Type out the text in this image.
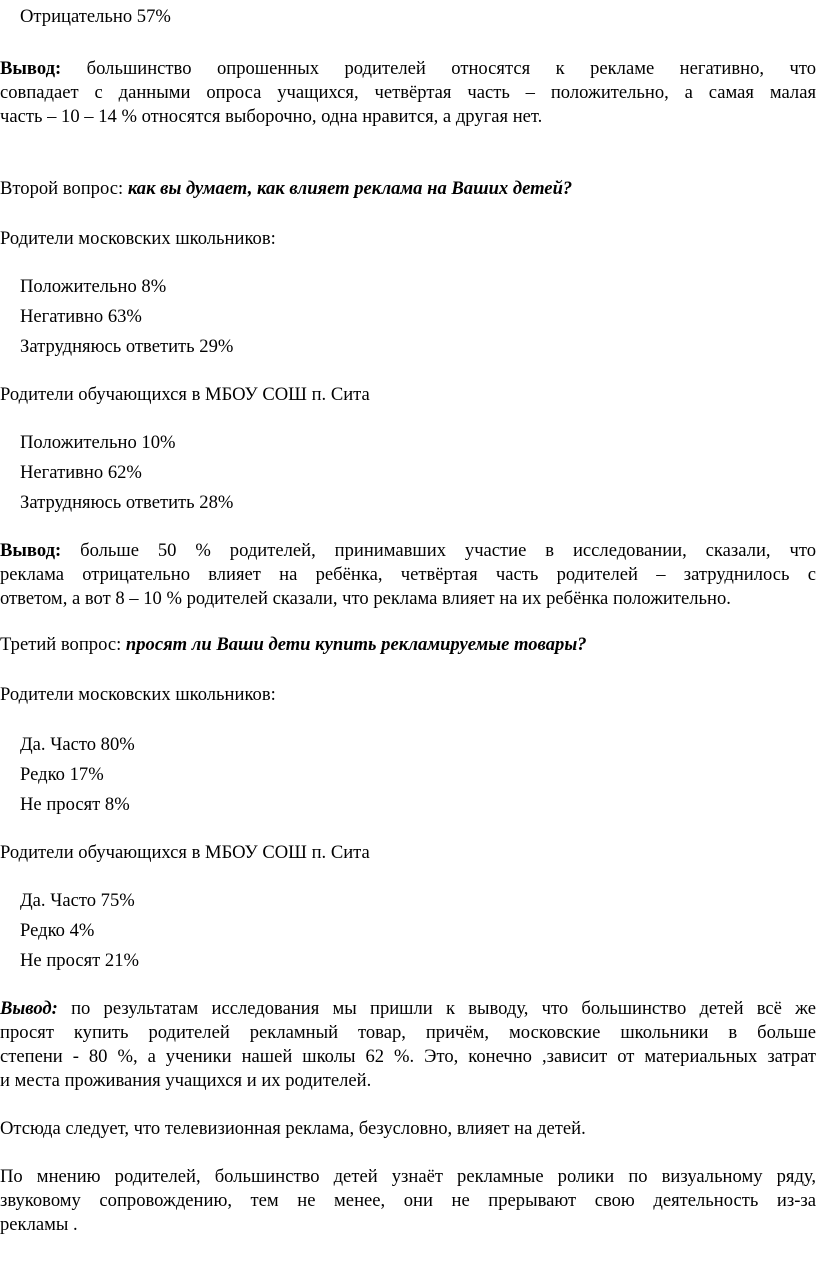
Отрицательно 57%
Вывод: большинство опрошенных родителей относятся к рекламе негативно, что
совпадает с данными опроса учащихся, четвёртая часть – положительно, а самая малая
часть – 10 – 14 % относятся выборочно, одна нравится, а другая нет.
Второй вопрос: как вы думает, как влияет реклама на Ваших детей?
Родители московских школьников:
Положительно 8%
Негативно 63%
Затрудняюсь ответить 29%
Родители обучающихся в МБОУ СОШ п. Сита
Положительно 10%
Негативно 62%
Затрудняюсь ответить 28%
Вывод: больше 50 % родителей, принимавших участие в исследовании, сказали, что
реклама отрицательно влияет на ребёнка, четвёртая часть родителей – затруднилось с
ответом, а вот 8 – 10 % родителей сказали, что реклама влияет на их ребёнка положительно.
Третий вопрос: просят ли Ваши дети купить рекламируемые товары?
Родители московских школьников:
Да. Часто 80%
Редко 17%
Не просят 8%
Родители обучающихся в МБОУ СОШ п. Сита
Да. Часто 75%
Редко 4%
Не просят 21%
Вывод: по результатам исследования мы пришли к выводу, что большинство детей всё же
просят купить родителей рекламный товар, причём, московские школьники в больше
степени - 80 %, а ученики нашей школы 62 %. Это, конечно ,зависит от материальных затрат
и места проживания учащихся и их родителей.
Отсюда следует, что телевизионная реклама, безусловно, влияет на детей.
По мнению родителей, большинство детей узнаёт рекламные ролики по визуальному ряду,
звуковому сопровождению, тем не менее, они не прерывают свою деятельность из-за
рекламы .
